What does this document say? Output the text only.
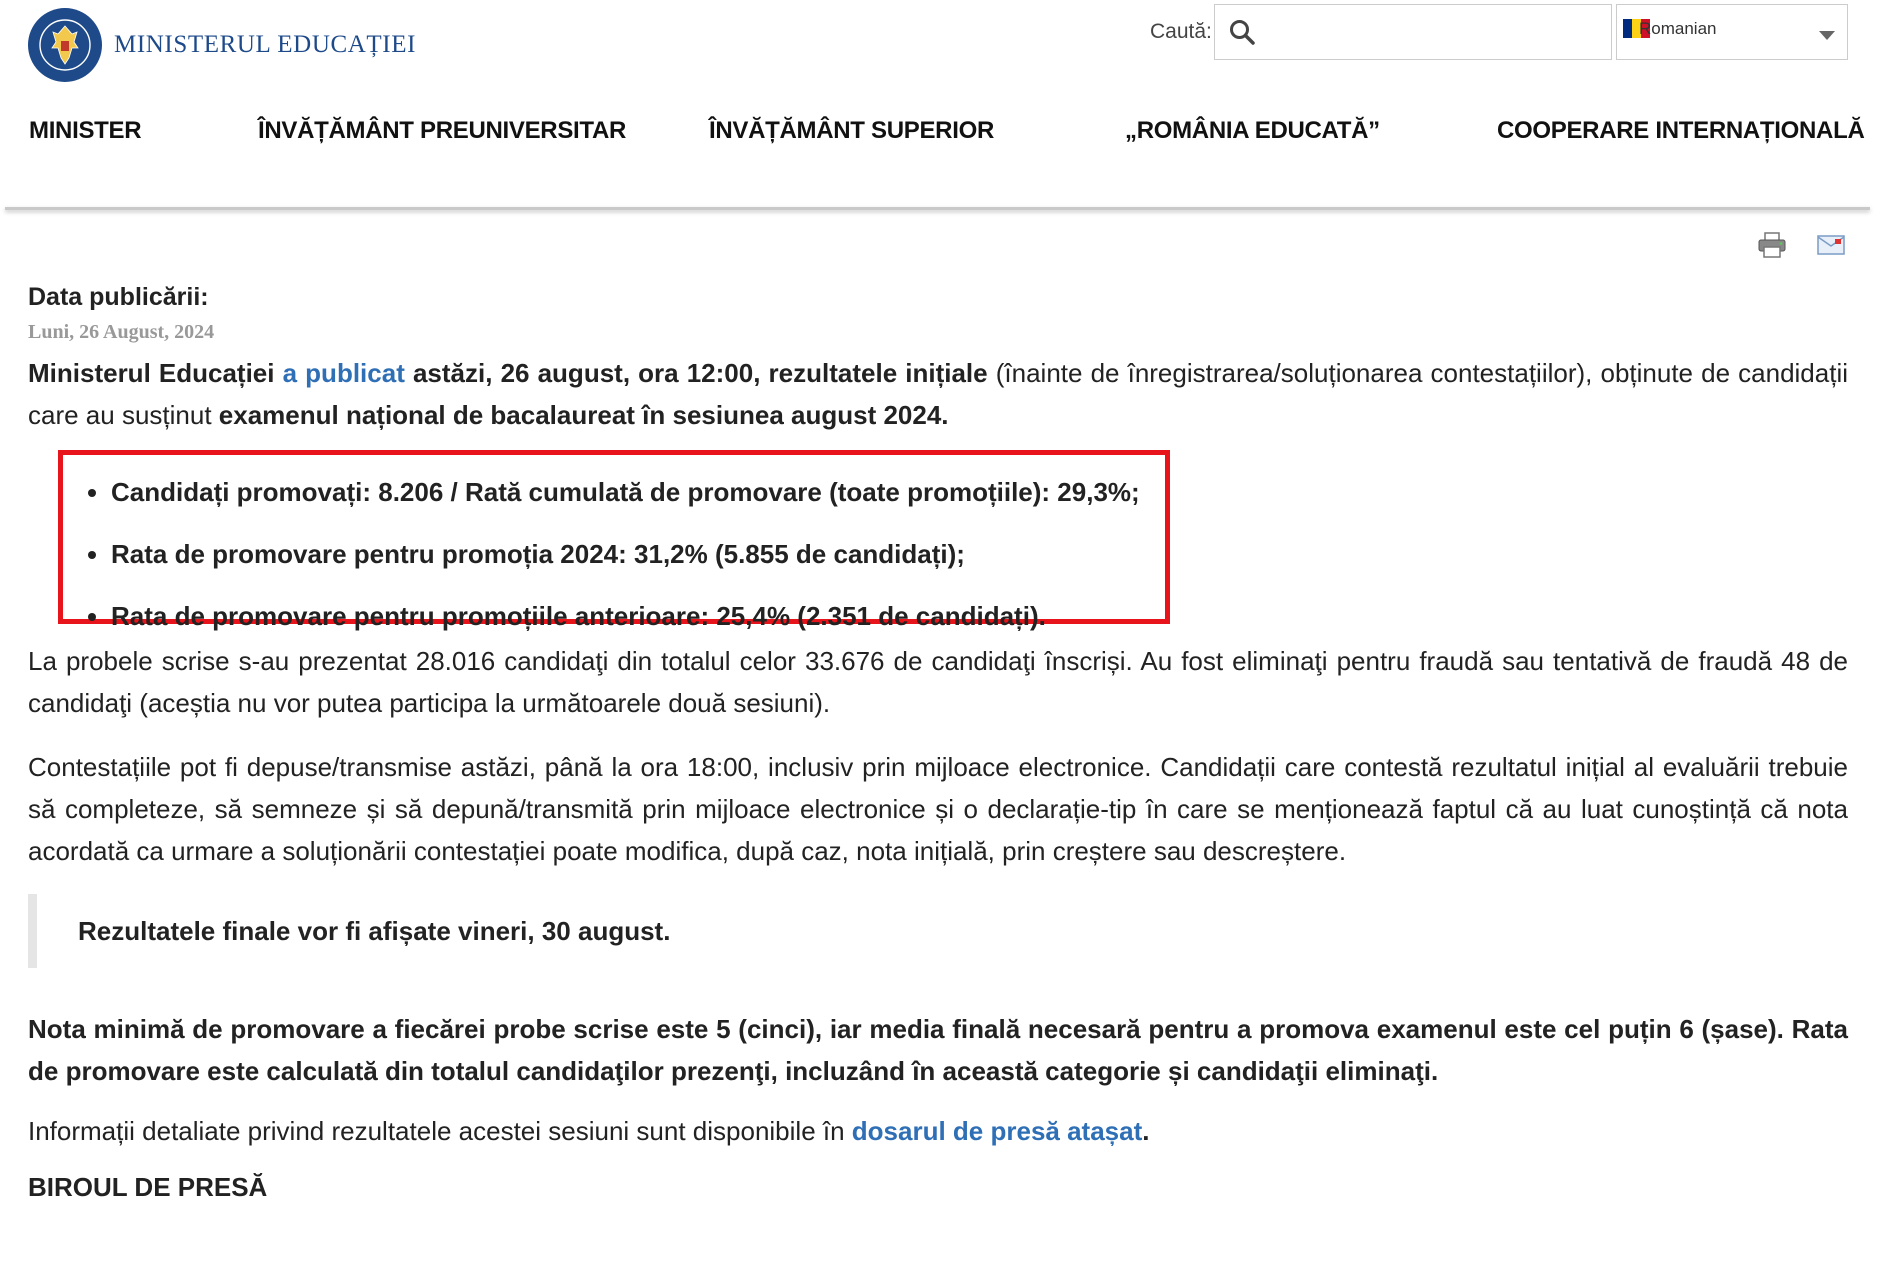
MINISTERUL EDUCAȚIEI	Caută:	Romanian
MINISTER	ÎNVĂȚĂMÂNT PREUNIVERSITAR	ÎNVĂȚĂMÂNT SUPERIOR	„ROMÂNIA EDUCATĂ”	COOPERARE INTERNAȚIONALĂ

Data publicării:

Luni, 26 August, 2024

Ministerul Educației a publicat astăzi, 26 august, ora 12:00, rezultatele inițiale (înainte de înregistrarea/soluționarea contestațiilor), obținute de candidații care au susținut examenul național de bacalaureat în sesiunea august 2024.

• Candidați promovați: 8.206 / Rată cumulată de promovare (toate promoțiile): 29,3%;
• Rata de promovare pentru promoția 2024: 31,2% (5.855 de candidați);
• Rata de promovare pentru promoțiile anterioare: 25,4% (2.351 de candidați).

La probele scrise s-au prezentat 28.016 candidaţi din totalul celor 33.676 de candidaţi înscriși. Au fost eliminaţi pentru fraudă sau tentativă de fraudă 48 de candidaţi (aceștia nu vor putea participa la următoarele două sesiuni).

Contestațiile pot fi depuse/transmise astăzi, până la ora 18:00, inclusiv prin mijloace electronice. Candidații care contestă rezultatul inițial al evaluării trebuie să completeze, să semneze și să depună/transmită prin mijloace electronice și o declarație-tip în care se menționează faptul că au luat cunoștință că nota acordată ca urmare a soluționării contestației poate modifica, după caz, nota inițială, prin creștere sau descreștere.

Rezultatele finale vor fi afișate vineri, 30 august.

Nota minimă de promovare a fiecărei probe scrise este 5 (cinci), iar media finală necesară pentru a promova examenul este cel puțin 6 (șase). Rata de promovare este calculată din totalul candidaţilor prezenţi, incluzând în această categorie și candidaţii eliminaţi.

Informații detaliate privind rezultatele acestei sesiuni sunt disponibile în dosarul de presă atașat.

BIROUL DE PRESĂ
